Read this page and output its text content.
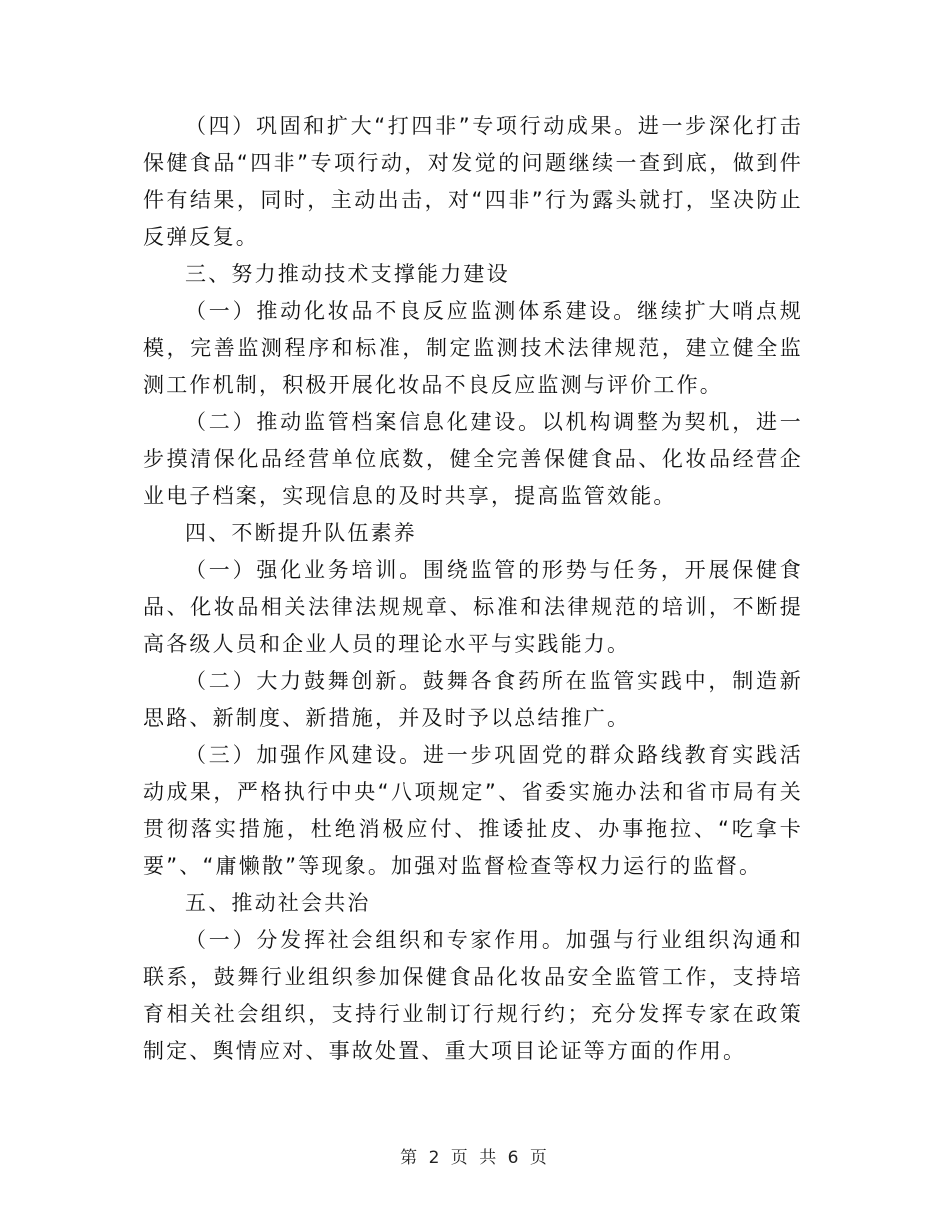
（四）巩固和扩大“打四非”专项行动成果。进一步深化打击保健食品“四非”专项行动，对发觉的问题继续一查到底，做到件件有结果，同时，主动出击，对“四非”行为露头就打，坚决防止反弹反复。

三、努力推动技术支撑能力建设

（一）推动化妆品不良反应监测体系建设。继续扩大哨点规模，完善监测程序和标准，制定监测技术法律规范，建立健全监测工作机制，积极开展化妆品不良反应监测与评价工作。

（二）推动监管档案信息化建设。以机构调整为契机，进一步摸清保化品经营单位底数，健全完善保健食品、化妆品经营企业电子档案，实现信息的及时共享，提高监管效能。

四、不断提升队伍素养

（一）强化业务培训。围绕监管的形势与任务，开展保健食品、化妆品相关法律法规规章、标准和法律规范的培训，不断提高各级人员和企业人员的理论水平与实践能力。

（二）大力鼓舞创新。鼓舞各食药所在监管实践中，制造新思路、新制度、新措施，并及时予以总结推广。

（三）加强作风建设。进一步巩固党的群众路线教育实践活动成果，严格执行中央“八项规定”、省委实施办法和省市局有关贯彻落实措施，杜绝消极应付、推诿扯皮、办事拖拉、“吃拿卡要”、“庸懒散”等现象。加强对监督检查等权力运行的监督。

五、推动社会共治

（一）分发挥社会组织和专家作用。加强与行业组织沟通和联系，鼓舞行业组织参加保健食品化妆品安全监管工作，支持培育相关社会组织，支持行业制订行规行约；充分发挥专家在政策制定、舆情应对、事故处置、重大项目论证等方面的作用。

第 2 页 共 6 页
